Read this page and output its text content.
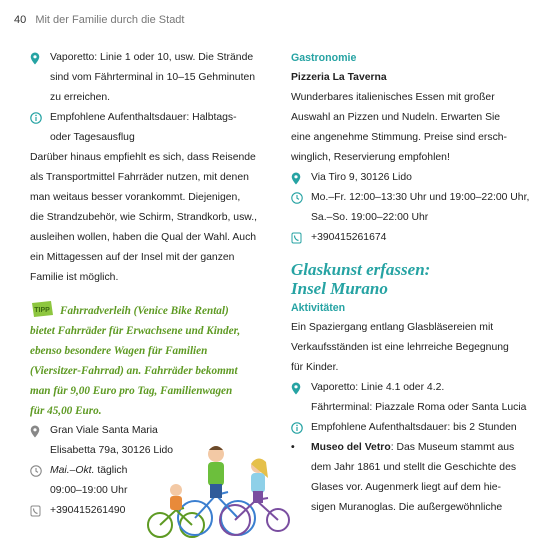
40 Mit der Familie durch die Stadt
Vaporetto: Linie 1 oder 10, usw. Die Strände
sind vom Fährterminal in 10–15 Gehminuten
zu erreichen.
Empfohlene Aufenthaltsdauer: Halbtags-
oder Tagesausflug
Darüber hinaus empfiehlt es sich, dass Reisende
als Transportmittel Fahrräder nutzen, mit denen
man weitaus besser vorankommt. Diejenigen,
die Strandzubehör, wie Schirm, Strandkorb, usw.,
ausleihen wollen, haben die Qual der Wahl. Auch
ein Mittagessen auf der Insel mit der ganzen
Familie ist möglich.
TIPP Fahrradverleih (Venice Bike Rental)
bietet Fahrräder für Erwachsene und Kinder,
ebenso besondere Wagen für Familien
(Viersitzer-Fahrrad) an. Fahrräder bekommt
man für 9,00 Euro pro Tag, Familienwagen
für 45,00 Euro.
Gran Viale Santa Maria
Elisabetta 79a, 30126 Lido
Mai.–Okt. täglich
09:00–19:00 Uhr
+390415261490
Gastronomie
Pizzeria La Taverna
Wunderbares italienisches Essen mit großer
Auswahl an Pizzen und Nudeln. Erwarten Sie
eine angenehme Stimmung. Preise sind ersch-
winglich, Reservierung empfohlen!
Via Tiro 9, 30126 Lido
Mo.–Fr. 12:00–13:30 Uhr und 19:00–22:00 Uhr,
Sa.–So. 19:00–22:00 Uhr
+390415261674
Glaskunst erfassen:
Insel Murano
Aktivitäten
Ein Spaziergang entlang Glasbläsereien mit
Verkaufsständen ist eine lehrreiche Begegnung
für Kinder.
Vaporetto: Linie 4.1 oder 4.2.
Fährterminal: Piazzale Roma oder Santa Lucia
Empfohlene Aufenthaltsdauer: bis 2 Stunden
•	Museo del Vetro: Das Museum stammt aus
dem Jahr 1861 und stellt die Geschichte des
Glases vor. Augenmerk liegt auf dem hie-
sigen Muranoglas. Die außergewöhnliche
